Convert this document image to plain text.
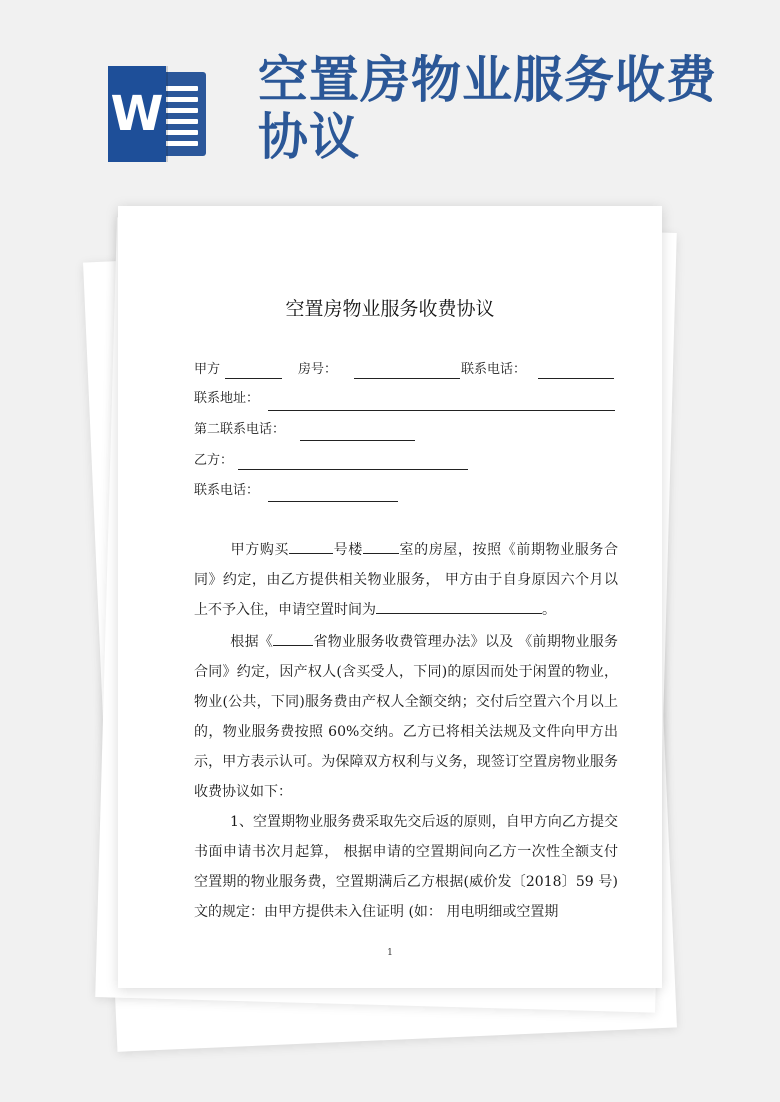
W
空置房物业服务收费协议
空置房物业服务收费协议
甲方	房号：	联系电话：
联系地址：
第二联系电话：
乙方：
联系电话：

甲方购买	号楼	室的房屋，按照《前期物业服务合同》约定，由乙方提供相关物业服务， 甲方由于自身原因六个月以上不予入住，申请空置时间为	。

根据《	省物业服务收费管理办法》以及 《前期物业服务合同》约定，因产权人(含买受人，下同)的原因而处于闲置的物业，物业(公共，下同)服务费由产权人全额交纳；交付后空置六个月以上的，物业服务费按照 60%交纳。乙方已将相关法规及文件向甲方出示，甲方表示认可。为保障双方权利与义务，现签订空置房物业服务收费协议如下：

1、空置期物业服务费采取先交后返的原则，自甲方向乙方提交书面申请书次月起算， 根据申请的空置期间向乙方一次性全额支付空置期的物业服务费，空置期满后乙方根据(威价发〔2018〕59 号)文的规定：由甲方提供未入住证明 (如： 用电明细或空置期

1
